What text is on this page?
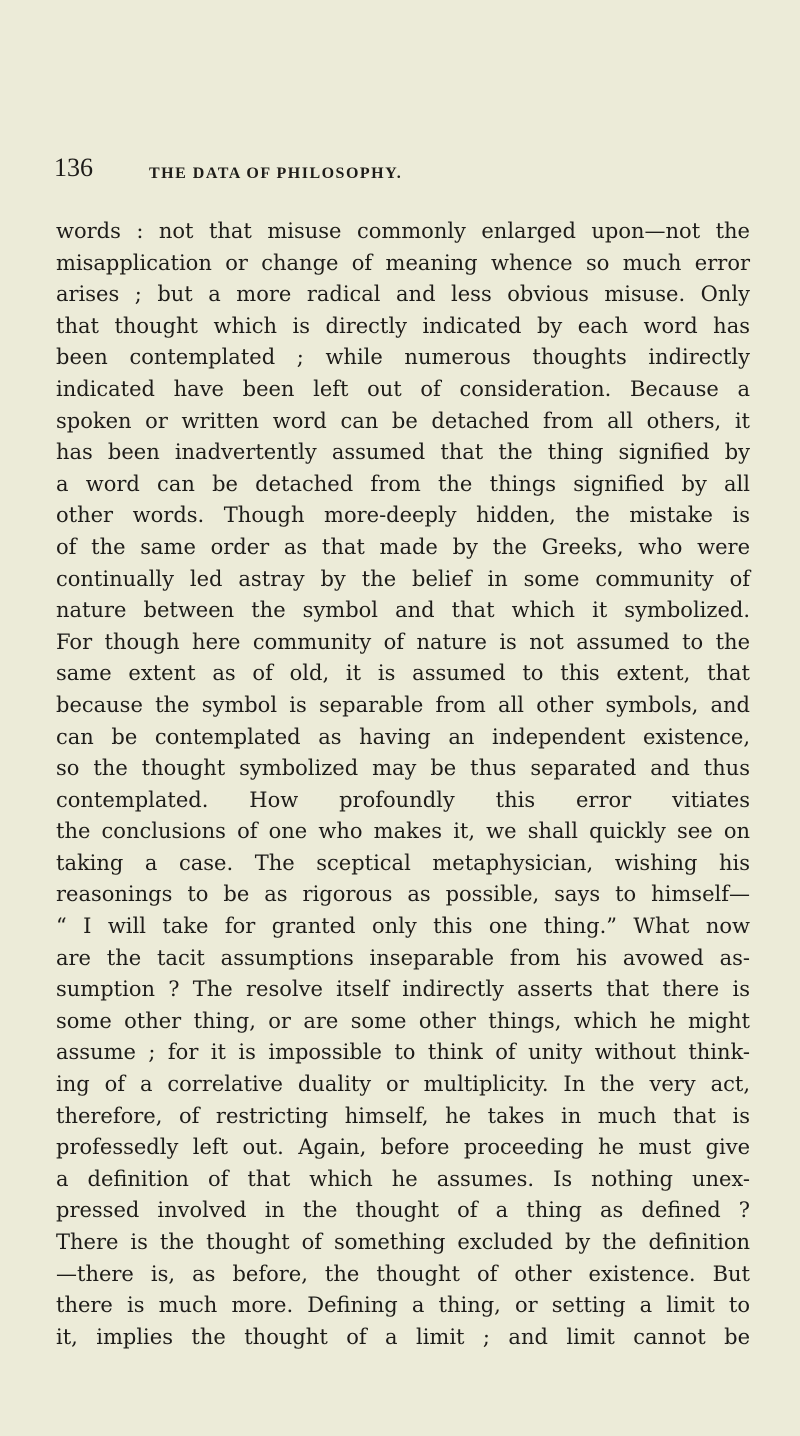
136	THE DATA OF PHILOSOPHY.
words : not that misuse commonly enlarged upon—not the
misapplication or change of meaning whence so much error
arises ; but a more radical and less obvious misuse. Only
that thought which is directly indicated by each word has
been contemplated ; while numerous thoughts indirectly
indicated have been left out of consideration. Because a
spoken or written word can be detached from all others, it
has been inadvertently assumed that the thing signified by
a word can be detached from the things signified by all
other words. Though more-deeply hidden, the mistake is
of the same order as that made by the Greeks, who were
continually led astray by the belief in some community of
nature between the symbol and that which it symbolized.
For though here community of nature is not assumed to the
same extent as of old, it is assumed to this extent, that
because the symbol is separable from all other symbols, and
can be contemplated as having an independent existence,
so the thought symbolized may be thus separated and thus
contemplated. How profoundly this error vitiates
the conclusions of one who makes it, we shall quickly see on
taking a case. The sceptical metaphysician, wishing his
reasonings to be as rigorous as possible, says to himself—
“ I will take for granted only this one thing.” What now
are the tacit assumptions inseparable from his avowed as-
sumption ? The resolve itself indirectly asserts that there is
some other thing, or are some other things, which he might
assume ; for it is impossible to think of unity without think-
ing of a correlative duality or multiplicity. In the very act,
therefore, of restricting himself, he takes in much that is
professedly left out. Again, before proceeding he must give
a definition of that which he assumes. Is nothing unex-
pressed involved in the thought of a thing as defined ?
There is the thought of something excluded by the definition
—there is, as before, the thought of other existence. But
there is much more. Defining a thing, or setting a limit to
it, implies the thought of a limit ; and limit cannot be
